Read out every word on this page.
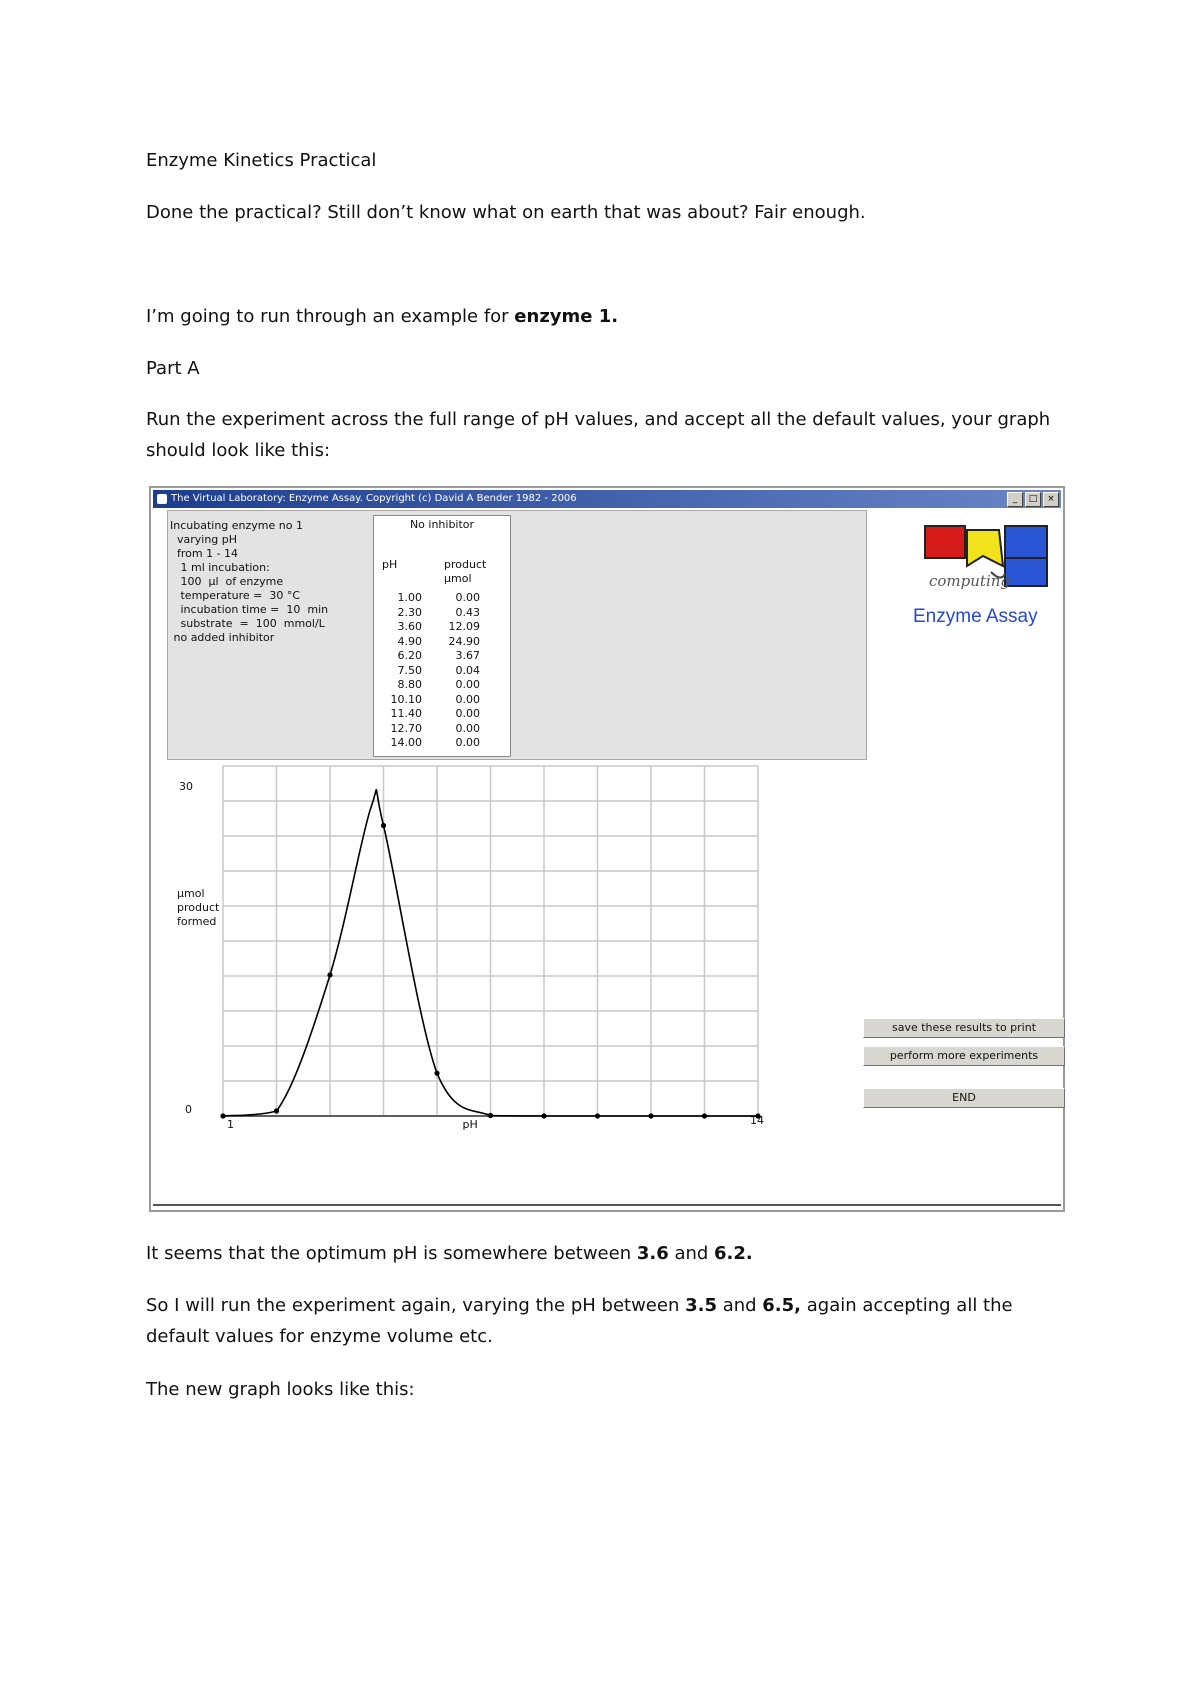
Enzyme Kinetics Practical
Done the practical? Still don’t know what on earth that was about? Fair enough.
I’m going to run through an example for enzyme 1.
Part A
Run the experiment across the full range of pH values, and accept all the default values, your graph should look like this:
The Virtual Laboratory: Enzyme Assay. Copyright (c) David A Bender 1982 - 2006	_	□	×
Incubating enzyme no 1
varying pH
from 1 - 14
1 ml incubation:
100  μl  of enzyme
temperature =  30 °C
incubation time =  10  min
substrate  =  100  mmol/L
no added inhibitor
No inhibitor
pH	product
μmol
1.00	0.00
2.30	0.43
3.60 12.09
4.90 24.90
6.20	3.67
7.50	0.04
8.80	0.00
10.10	0.00
11.40	0.00
12.70	0.00
14.00	0.00
computing
Enzyme Assay
30
0
μmol
product
formed
1	pH	14
save these results to print
perform more experiments
END
It seems that the optimum pH is somewhere between 3.6 and 6.2.
So I will run the experiment again, varying the pH between 3.5 and 6.5, again accepting all the default values for enzyme volume etc.
The new graph looks like this:
